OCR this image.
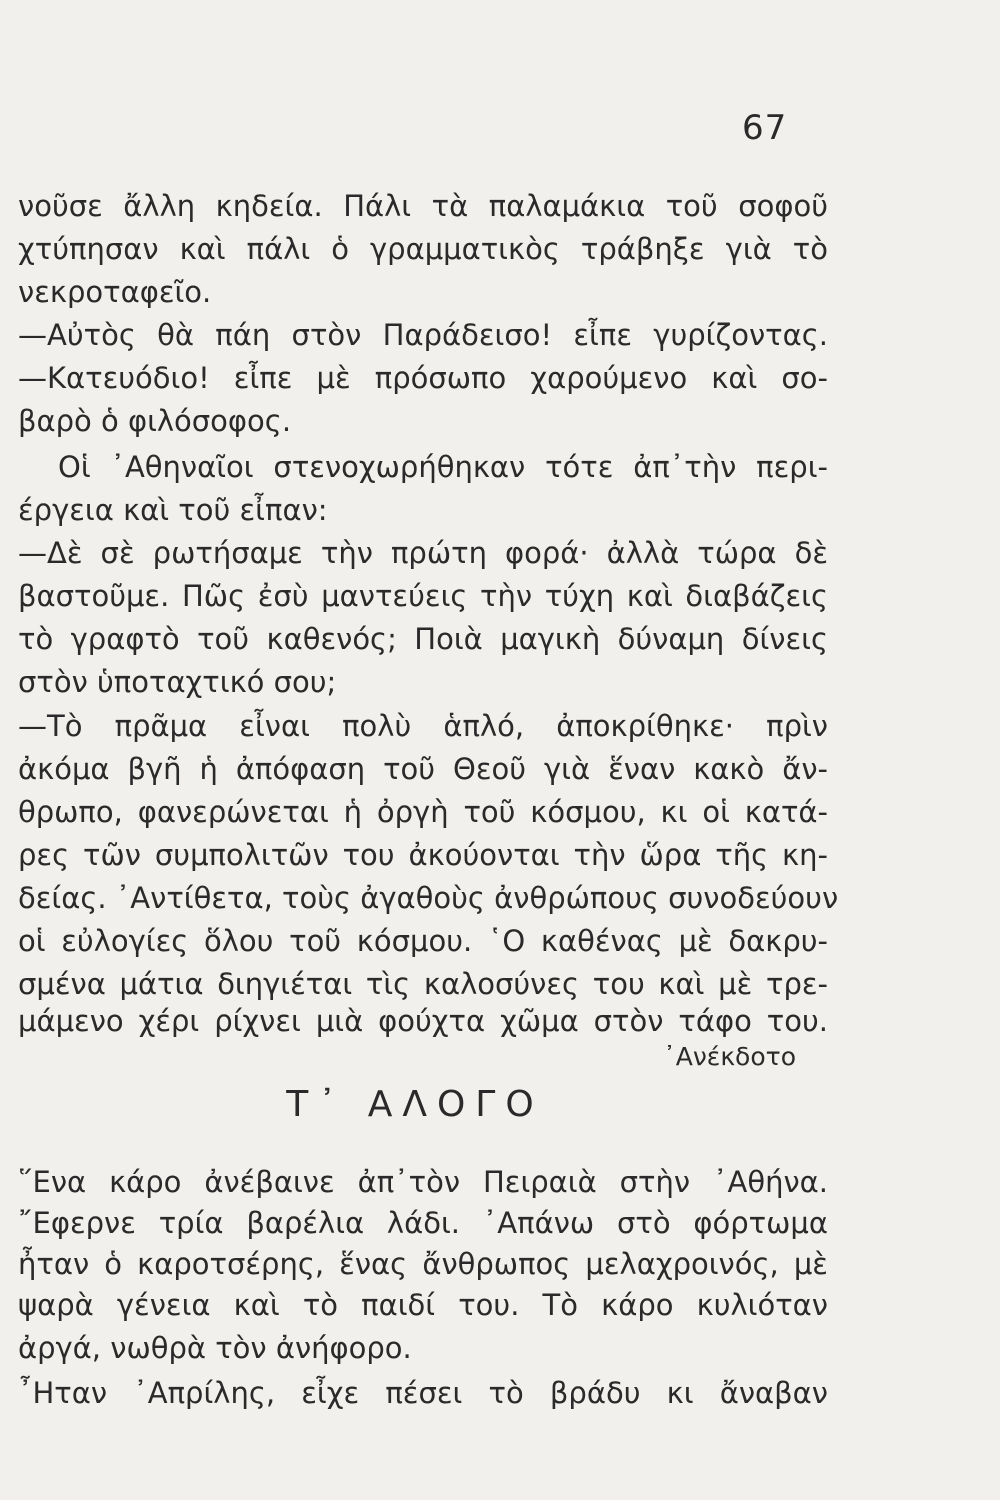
67
νοῦσε ἄλλη κηδεία. Πάλι τὰ παλαμάκια τοῦ σοφοῦ
χτύπησαν καὶ πάλι ὁ γραμματικὸς τράβηξε γιὰ τὸ
νεκροταφεῖο.
—Αὐτὸς θὰ πάη στὸν Παράδεισο! εἶπε γυρίζοντας.
—Κατευόδιο! εἶπε μὲ πρόσωπο χαρούμενο καὶ σο-
βαρὸ ὁ φιλόσοφος.
Οἱ ᾿Αθηναῖοι στενοχωρήθηκαν τότε ἀπ᾿τὴν περι-
έργεια καὶ τοῦ εἶπαν:
—Δὲ σὲ ρωτήσαμε τὴν πρώτη φορά· ἀλλὰ τώρα δὲ
βαστοῦμε. Πῶς ἐσὺ μαντεύεις τὴν τύχη καὶ διαβάζεις
τὸ γραφτὸ τοῦ καθενός; Ποιὰ μαγικὴ δύναμη δίνεις
στὸν ὑποταχτικό σου;
—Τὸ πρᾶμα εἶναι πολὺ ἁπλό, ἀποκρίθηκε· πρὶν
ἀκόμα βγῆ ἡ ἀπόφαση τοῦ Θεοῦ γιὰ ἕναν κακὸ ἄν-
θρωπο, φανερώνεται ἡ ὀργὴ τοῦ κόσμου, κι οἱ κατά-
ρες τῶν συμπολιτῶν του ἀκούονται τὴν ὥρα τῆς κη-
δείας. ᾿Αντίθετα, τοὺς ἀγαθοὺς ἀνθρώπους συνοδεύουν
οἱ εὐλογίες ὅλου τοῦ κόσμου. ῾Ο καθένας μὲ δακρυ-
σμένα μάτια διηγιέται τὶς καλοσύνες του καὶ μὲ τρε-
μάμενο χέρι ρίχνει μιὰ φούχτα χῶμα στὸν τάφο του.
᾿Ανέκδοτο
Τ᾿ ΑΛΟΓΟ
῞Ενα κάρο ἀνέβαινε ἀπ᾿τὸν Πειραιὰ στὴν ᾿Αθήνα.
῎Εφερνε τρία βαρέλια λάδι. ᾿Απάνω στὸ φόρτωμα
ἦταν ὁ καροτσέρης, ἕνας ἄνθρωπος μελαχροινός, μὲ
ψαρὰ γένεια καὶ τὸ παιδί του. Τὸ κάρο κυλιόταν
ἀργά, νωθρὰ τὸν ἀνήφορο.
῏Ηταν ᾿Απρίλης, εἶχε πέσει τὸ βράδυ κι ἄναβαν
